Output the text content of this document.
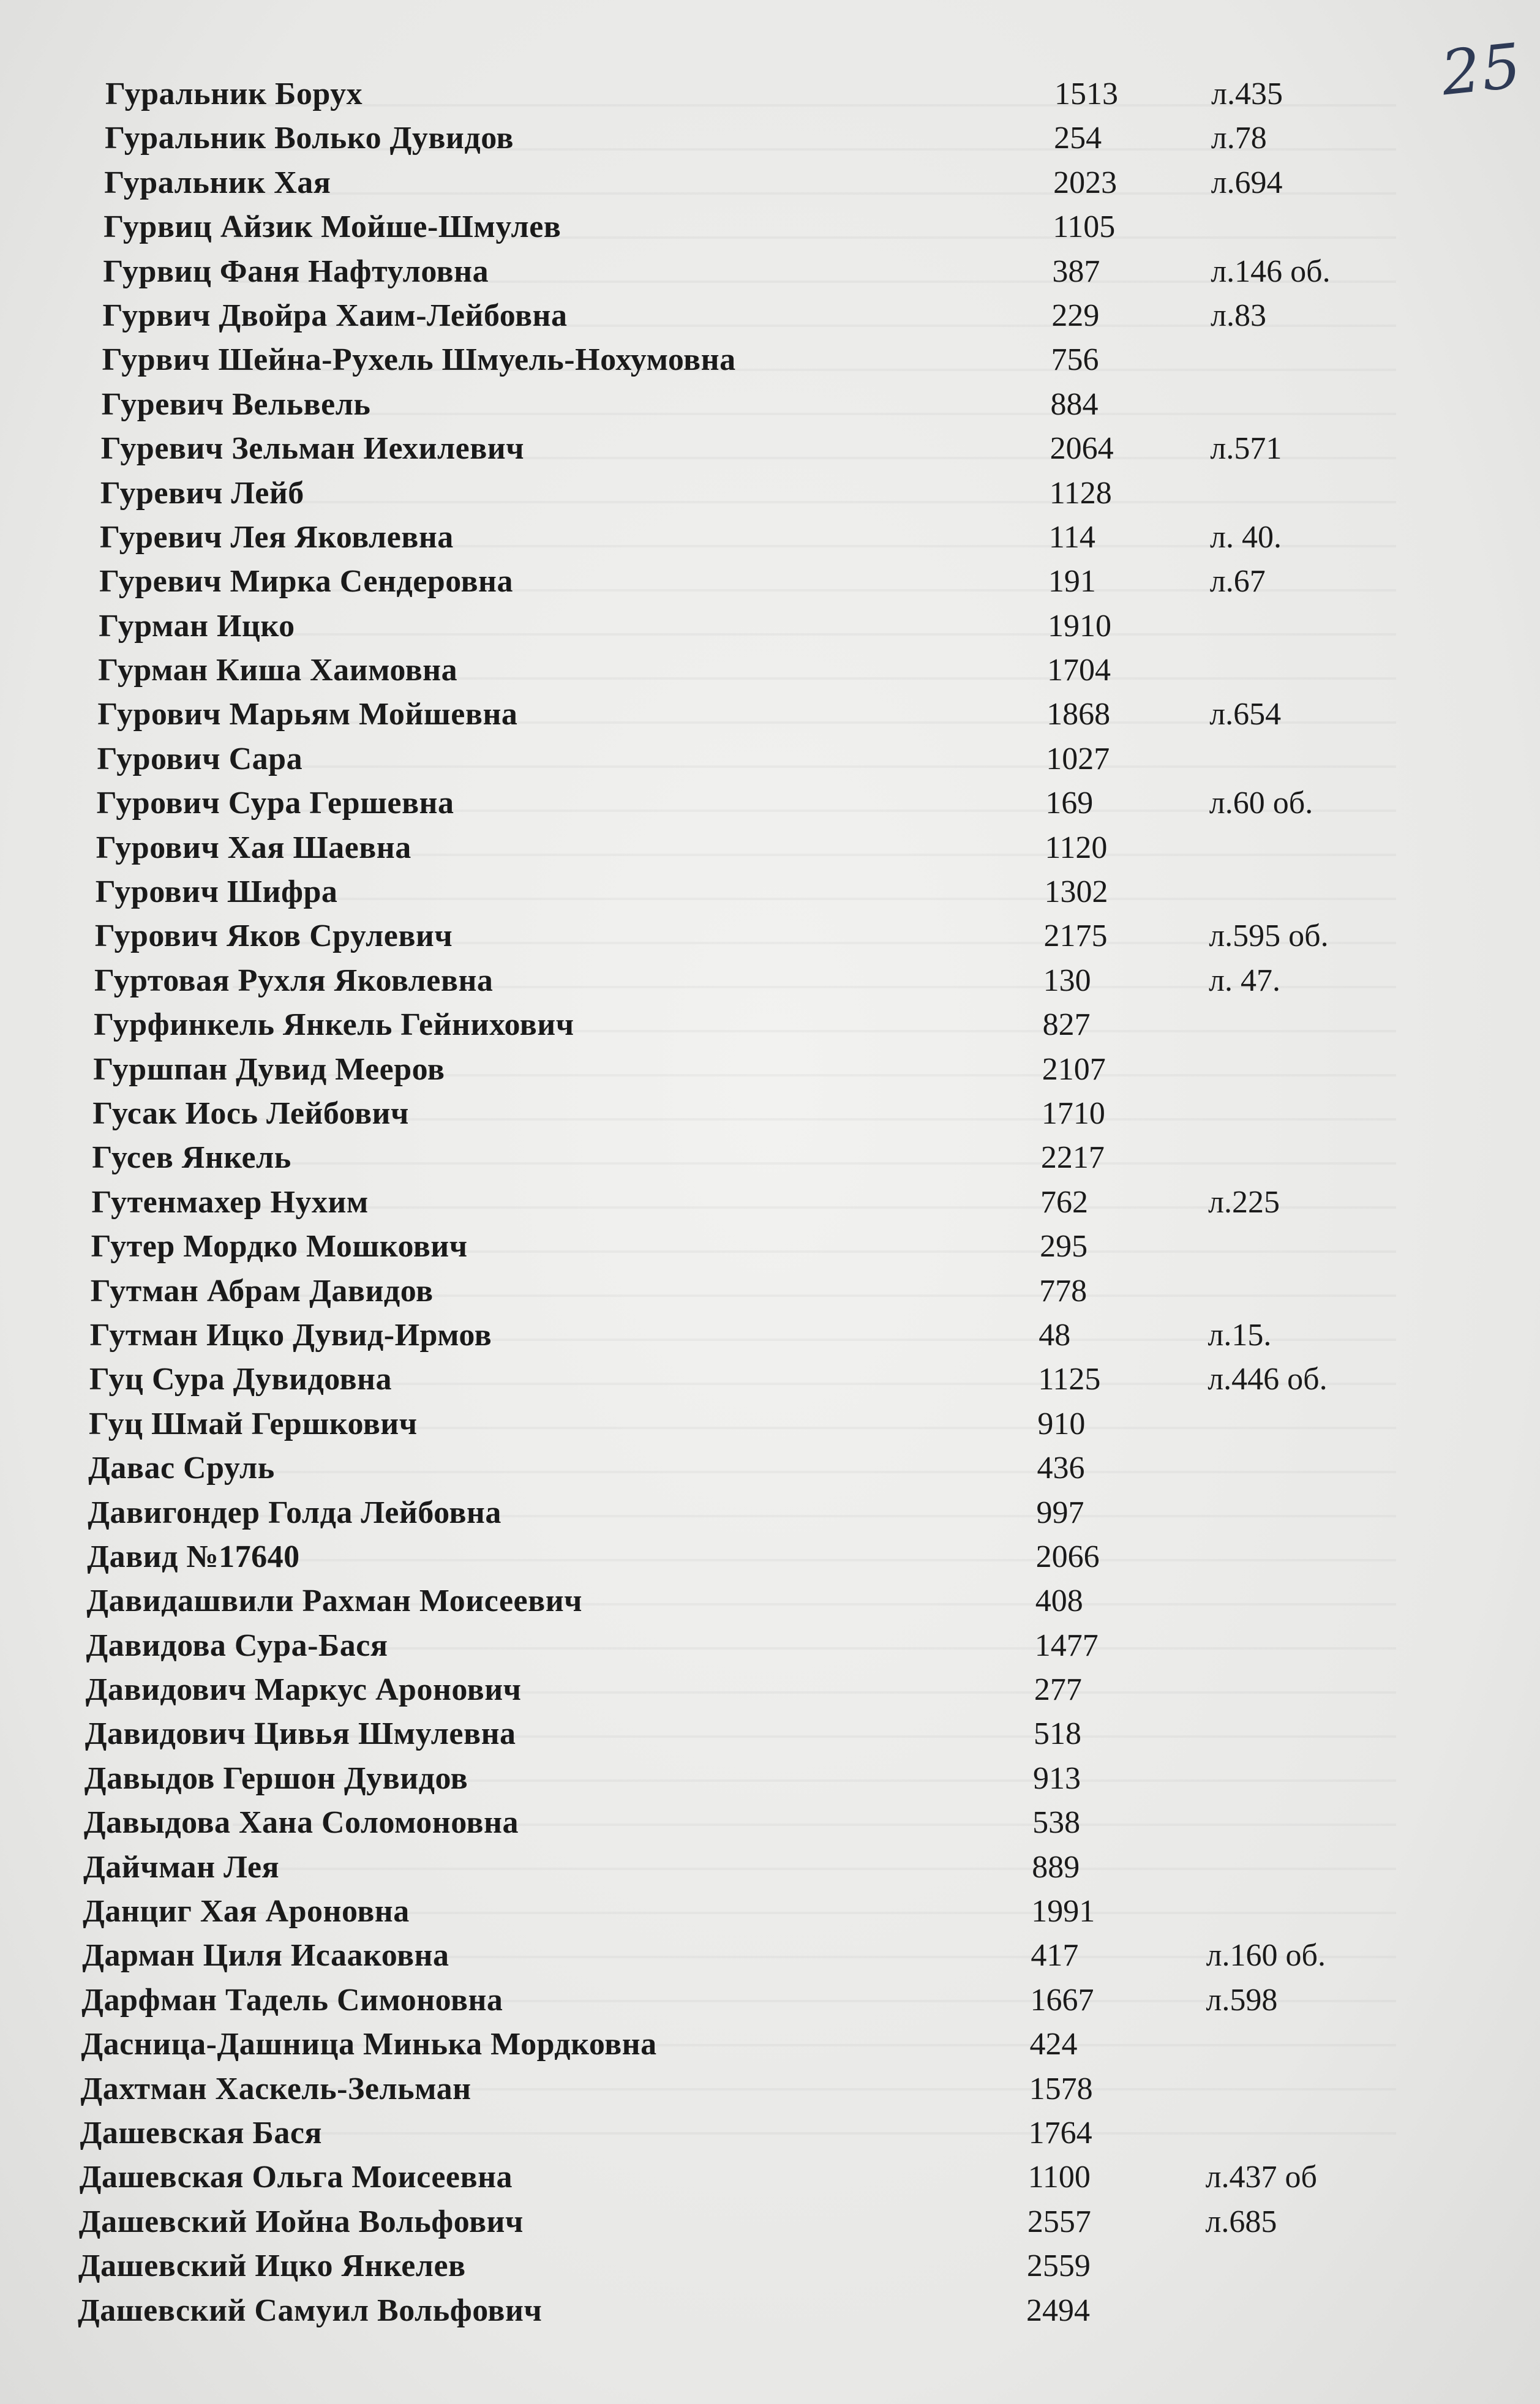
25
Гуральник Борух	1513	л.435
Гуральник Волько Дувидов	254	л.78
Гуральник Хая	2023	л.694
Гурвиц Айзик Мойше-Шмулев	1105
Гурвиц Фаня Нафтуловна	387	л.146 об.
Гурвич Двойра Хаим-Лейбовна	229	л.83
Гурвич Шейна-Рухель Шмуель-Нохумовна	756
Гуревич Вельвель	884
Гуревич Зельман Иехилевич	2064	л.571
Гуревич Лейб	1128
Гуревич Лея Яковлевна	114	л. 40.
Гуревич Мирка Сендеровна	191	л.67
Гурман Ицко	1910
Гурман Киша Хаимовна	1704
Гурович Марьям Мойшевна	1868	л.654
Гурович Сара	1027
Гурович Сура Гершевна	169	л.60 об.
Гурович Хая Шаевна	1120
Гурович Шифра	1302
Гурович Яков Срулевич	2175	л.595 об.
Гуртовая Рухля Яковлевна	130	л. 47.
Гурфинкель Янкель Гейнихович	827
Гуршпан Дувид Мееров	2107
Гусак Иось Лейбович	1710
Гусев Янкель	2217
Гутенмахер Нухим	762	л.225
Гутер Мордко Мошкович	295
Гутман Абрам Давидов	778
Гутман Ицко Дувид-Ирмов	48	л.15.
Гуц Сура Дувидовна	1125	л.446 об.
Гуц Шмай Гершкович	910
Давас Сруль	436
Давигондер Голда Лейбовна	997
Давид №17640	2066
Давидашвили Рахман Моисеевич	408
Давидова Сура-Бася	1477
Давидович Маркус Аронович	277
Давидович Цивья Шмулевна	518
Давыдов Гершон Дувидов	913
Давыдова Хана Соломоновна	538
Дайчман Лея	889
Данциг Хая Ароновна	1991
Дарман Циля Исааковна	417	л.160 об.
Дарфман Тадель Симоновна	1667	л.598
Дасница-Дашница Минька Мордковна	424
Дахтман Хаскель-Зельман	1578
Дашевская Бася	1764
Дашевская Ольга Моисеевна	1100	л.437 об
Дашевский Иойна Вольфович	2557	л.685
Дашевский Ицко Янкелев	2559
Дашевский Самуил Вольфович	2494
